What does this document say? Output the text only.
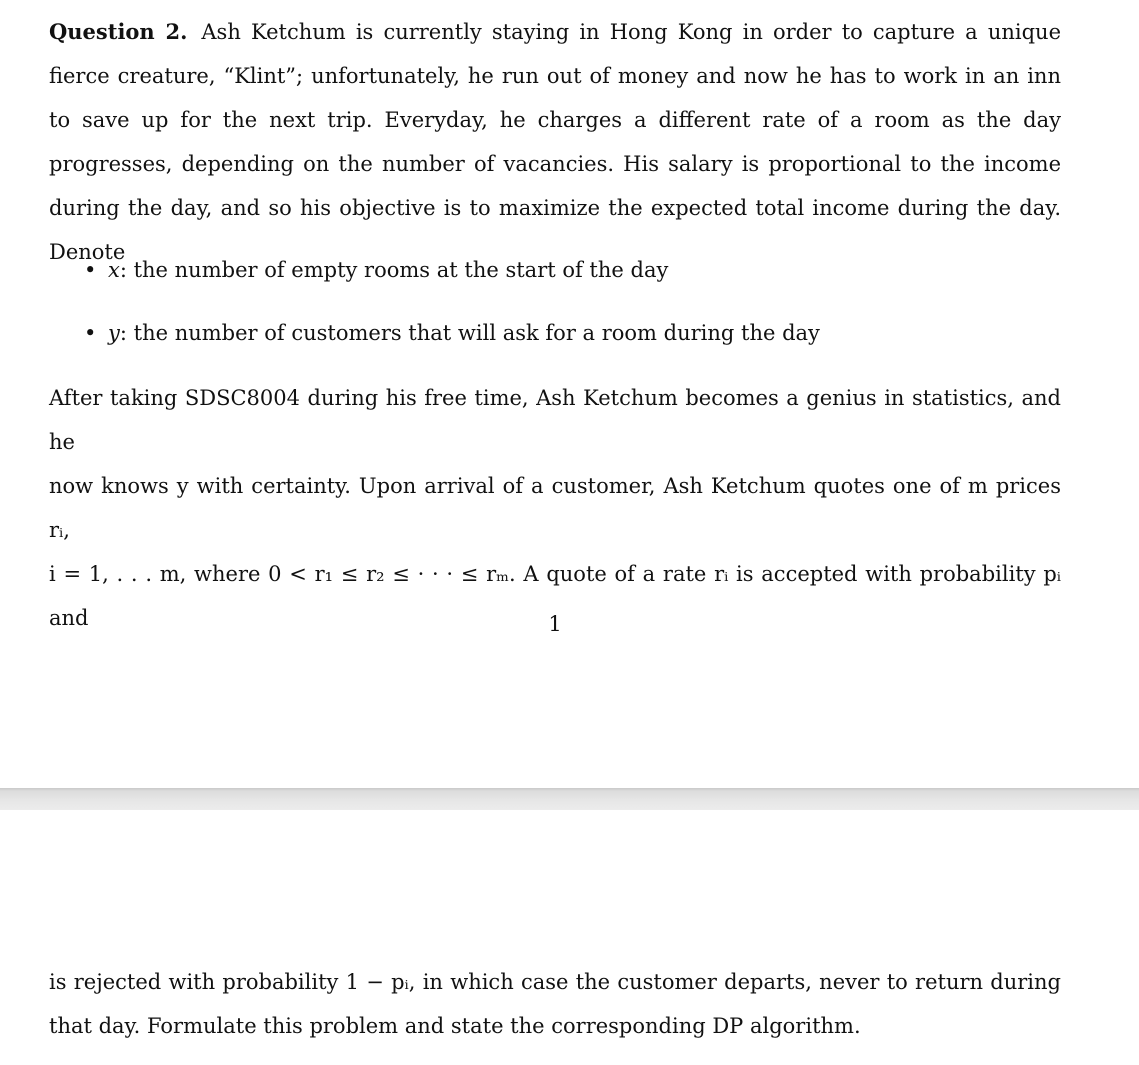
Question 2. Ash Ketchum is currently staying in Hong Kong in order to capture a unique fierce creature, “Klint”; unfortunately, he run out of money and now he has to work in an inn to save up for the next trip. Everyday, he charges a different rate of a room as the day progresses, depending on the number of vacancies. His salary is proportional to the income during the day, and so his objective is to maximize the expected total income during the day. Denote
• x: the number of empty rooms at the start of the day
• y: the number of customers that will ask for a room during the day
After taking SDSC8004 during his free time, Ash Ketchum becomes a genius in statistics, and he
now knows y with certainty. Upon arrival of a customer, Ash Ketchum quotes one of m prices rᵢ,
i = 1, . . . m, where 0 < r₁ ≤ r₂ ≤ · · · ≤ rₘ. A quote of a rate rᵢ is accepted with probability pᵢ and	1
is rejected with probability 1 − pᵢ, in which case the customer departs, never to return during that day. Formulate this problem and state the corresponding DP algorithm.
